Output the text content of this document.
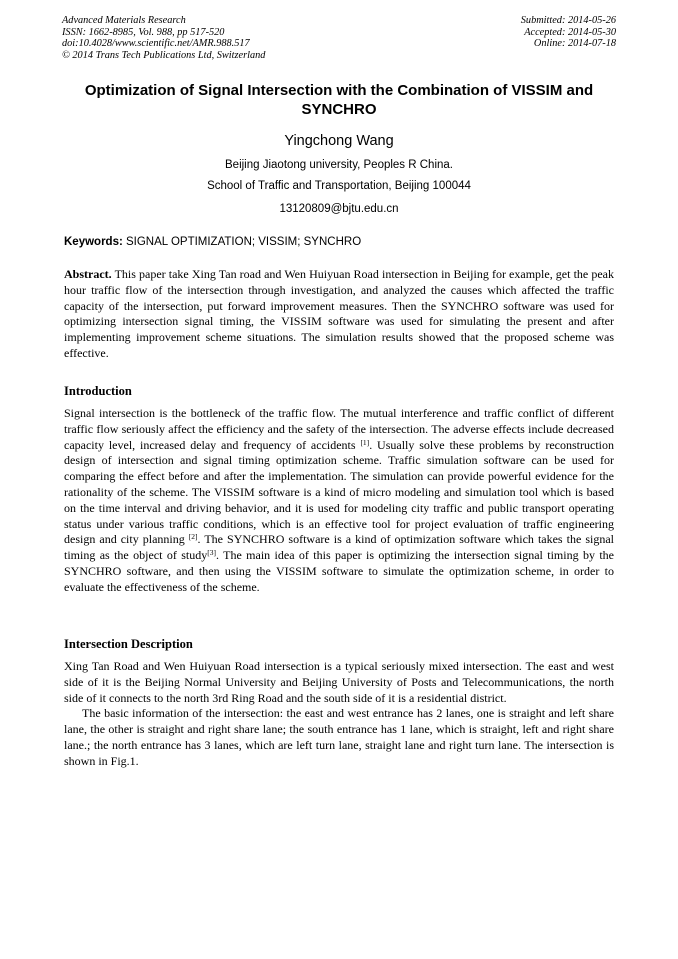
Advanced Materials Research
ISSN: 1662-8985, Vol. 988, pp 517-520
doi:10.4028/www.scientific.net/AMR.988.517
© 2014 Trans Tech Publications Ltd, Switzerland
Submitted: 2014-05-26
Accepted: 2014-05-30
Online: 2014-07-18
Optimization of Signal Intersection with the Combination of VISSIM and SYNCHRO
Yingchong Wang
Beijing Jiaotong university, Peoples R China.
School of Traffic and Transportation, Beijing 100044
13120809@bjtu.edu.cn
Keywords: SIGNAL OPTIMIZATION; VISSIM; SYNCHRO
Abstract. This paper take Xing Tan road and Wen Huiyuan Road intersection in Beijing for example, get the peak hour traffic flow of the intersection through investigation, and analyzed the causes which affected the traffic capacity of the intersection, put forward improvement measures. Then the SYNCHRO software was used for optimizing intersection signal timing, the VISSIM software was used for simulating the present and after implementing improvement scheme situations. The simulation results showed that the proposed scheme was effective.
Introduction
Signal intersection is the bottleneck of the traffic flow. The mutual interference and traffic conflict of different traffic flow seriously affect the efficiency and the safety of the intersection. The adverse effects include decreased capacity level, increased delay and frequency of accidents [1]. Usually solve these problems by reconstruction design of intersection and signal timing optimization scheme. Traffic simulation software can be used for comparing the effect before and after the implementation. The simulation can provide powerful evidence for the rationality of the scheme. The VISSIM software is a kind of micro modeling and simulation tool which is based on the time interval and driving behavior, and it is used for modeling city traffic and public transport operating status under various traffic conditions, which is an effective tool for project evaluation of traffic engineering design and city planning [2]. The SYNCHRO software is a kind of optimization software which takes the signal timing as the object of study[3]. The main idea of this paper is optimizing the intersection signal timing by the SYNCHRO software, and then using the VISSIM software to simulate the optimization scheme, in order to evaluate the effectiveness of the scheme.
Intersection Description
Xing Tan Road and Wen Huiyuan Road intersection is a typical seriously mixed intersection. The east and west side of it is the Beijing Normal University and Beijing University of Posts and Telecommunications, the north side of it connects to the north 3rd Ring Road and the south side of it is a residential district.
The basic information of the intersection: the east and west entrance has 2 lanes, one is straight and left share lane, the other is straight and right share lane; the south entrance has 1 lane, which is straight, left and right share lane.; the north entrance has 3 lanes, which are left turn lane, straight lane and right turn lane. The intersection is shown in Fig.1.
